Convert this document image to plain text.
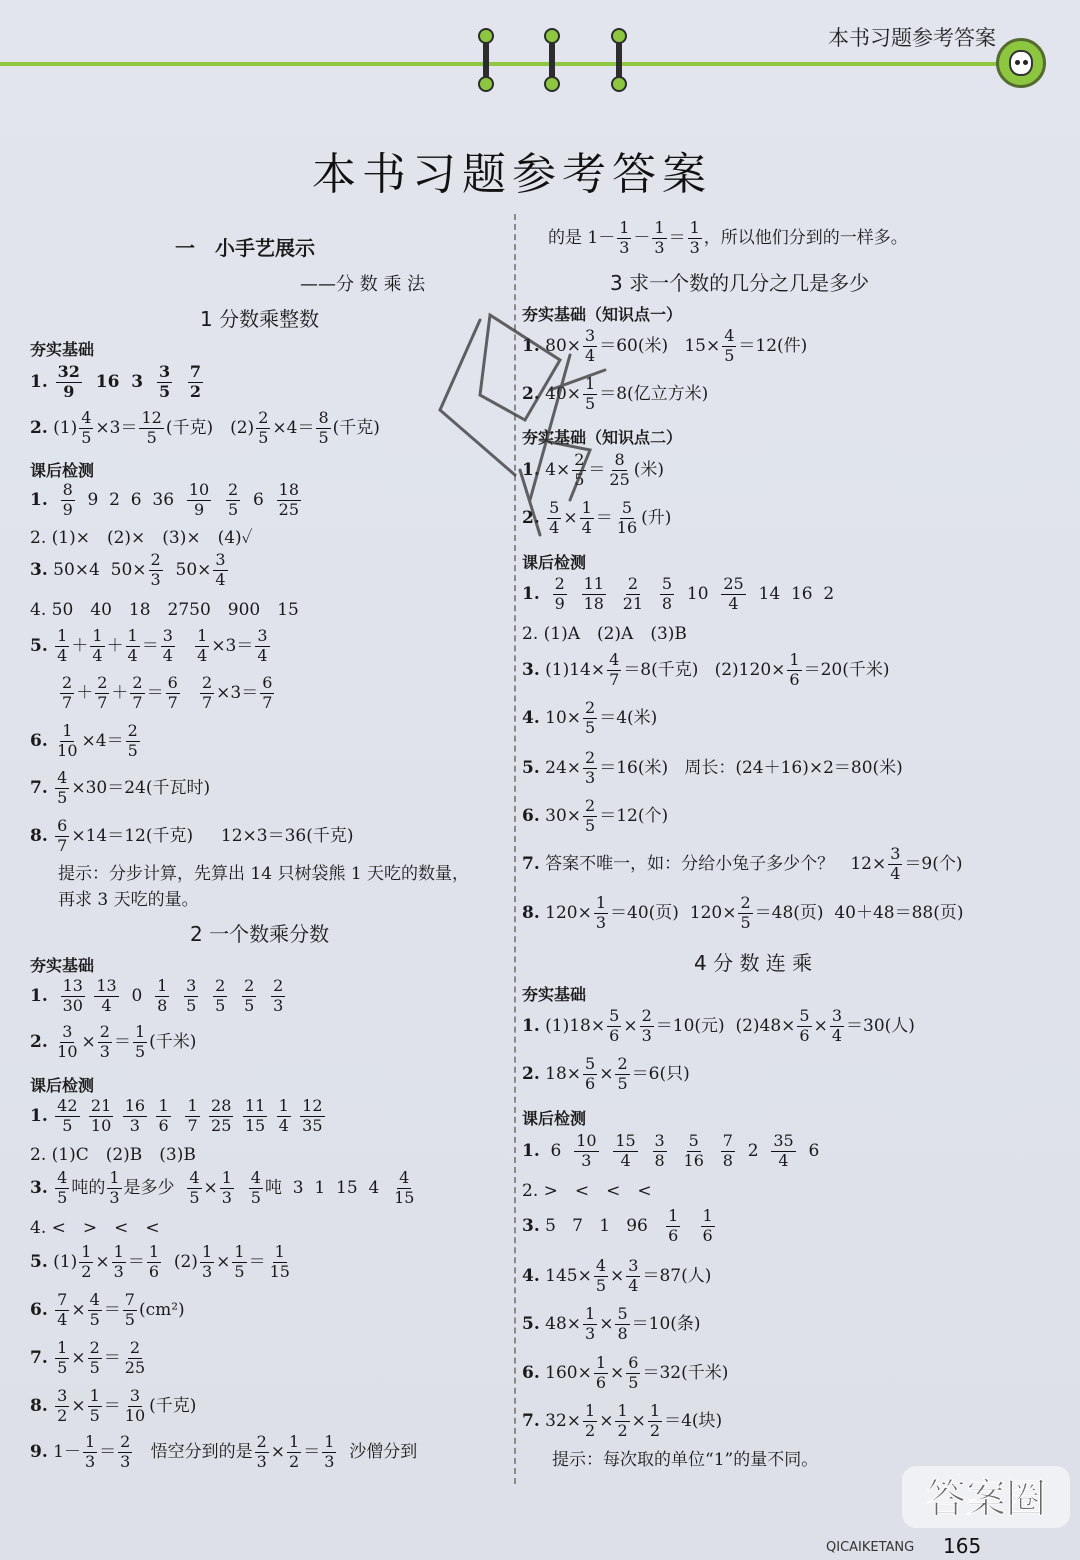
本书习题参考答案
本书习题参考答案
一　小手艺展示
——分 数 乘 法
1 分数乘整数
夯实基础
1. $\frac{32}{9} 16$  $3 \frac{3}{5}$
$\frac{7}{2}$
2. $(1) \frac{4}{5} \times 3= \frac{12}{5}$ (千克)　$(2) \frac{2}{5} \times 4= \frac{8}{5}$ (千克)
课后检测
1. $\frac{8}{9} 9$  2  6  $36 \frac{10}{9}$
$\frac{2}{5} 6 \frac{18}{25}$
2. (1)×　(2)×　(3)×　(4)✓
3. 50×4  $50\times \frac{2}{3} 50\times \frac{3}{4}$
4. 50　40　18　2750　900　15
5. $\frac{1}{4} + \frac{1}{4} + \frac{1}{4} = \frac{3}{4}$
$\frac{1}{4} \times 3= \frac{3}{4}$
$\frac{2}{7} + \frac{2}{7} + \frac{2}{7} = \frac{6}{7}$
$\frac{2}{7} \times 3= \frac{6}{7}$
6. $\frac{1}{10} \times 4= \frac{2}{5}$
7. $\frac{4}{5} \times 30=24$(千瓦时)
8. $\frac{6}{7} \times 14=12$(千克)　  12×3＝36(千克)
提示：分步计算，先算出 14 只树袋熊 1 天吃的数量，
再求 3 天吃的量。
2 一个数乘分数
夯实基础
1. $\frac{13}{30}$
$\frac{13}{4} 0 \frac{1}{8}$
$\frac{3}{5}$
$\frac{2}{5}$
$\frac{2}{5}$
$\frac{2}{3}$
2. $\frac{3}{10} \times \frac{2}{3} = \frac{1}{5}$ (千米)
课后检测
1. $\frac{42}{5}$
$\frac{21}{10}$
$\frac{16}{3}$
$\frac{1}{6}$
$\frac{1}{7}$
$\frac{28}{25}$
$\frac{11}{15}$
$\frac{1}{4}$
$\frac{12}{35}$
2. (1)C　(2)B　(3)B
3. $\frac{4}{5}$ 吨的 $\frac{1}{3}$ 是多少 $\frac{4}{5} \times \frac{1}{3}$
$\frac{4}{5}$ 吨  3  1  15  $4 \frac{4}{15}$
4. <　>　<　<
5. $(1) \frac{1}{2} \times \frac{1}{3} = \frac{1}{6} (2) \frac{1}{3} \times \frac{1}{5} = \frac{1}{15}$
6. $\frac{7}{4} \times \frac{4}{5} = \frac{7}{5} (cm^2)$
7. $\frac{1}{5} \times \frac{2}{5} = \frac{2}{25}$
8. $\frac{3}{2} \times \frac{1}{5} = \frac{3}{10}$ (千克)
9. $1- \frac{1}{3} = \frac{2}{3}$ 悟空分到的是 $\frac{2}{3} \times \frac{1}{2} = \frac{1}{3}$ 沙僧分到
的是 $1- \frac{1}{3} - \frac{1}{3} = \frac{1}{3}$ ，所以他们分到的一样多。
3 求一个数的几分之几是多少
夯实基础（知识点一）
1. $80\times \frac{3}{4} =60$(米)   $15\times \frac{4}{5} =12$(件)
2. $40\times \frac{1}{5} =8$(亿立方米)
夯实基础（知识点二）
1. $4\times \frac{2}{5} = \frac{8}{25}$ (米)
2. $\frac{5}{4} \times \frac{1}{4} = \frac{5}{16}$ (升)
课后检测
1. $\frac{2}{9}$
$\frac{11}{18}$
$\frac{2}{21}$
$\frac{5}{8} 10 \frac{25}{4} 14$  16  2
2. (1)A　(2)A　(3)B
3. $(1)14\times \frac{4}{7} =8$(千克)   $(2)120\times \frac{1}{6} =20$(千米)
4. $10\times \frac{2}{5} =4$(米)
5. $24\times \frac{2}{3} =16$(米)   周长：(24＋16)×2＝80(米)
6. $30\times \frac{2}{5} =12$(个)
7. 答案不唯一，如：分给小兔子多少个？   $12\times \frac{3}{4} =9$(个)
8. $120\times \frac{1}{3} =40$(页)  $120\times \frac{2}{5} =48$(页)  40＋48＝88(页)
4 分 数 连 乘
夯实基础
1. $(1)18\times \frac{5}{6} \times \frac{2}{3} =10$(元)  $(2)48\times \frac{5}{6} \times \frac{3}{4} =30$(人)
2. $18\times \frac{5}{6} \times \frac{2}{5} =6$(只)
课后检测
1.  $6 \frac{10}{3}$
$\frac{15}{4}$
$\frac{3}{8}$
$\frac{5}{16}$
$\frac{7}{8} 2 \frac{35}{4} 6$
2. >　<　<　<
3. 5   7   1   $96 \frac{1}{6}$
$\frac{1}{6}$
4. $145\times \frac{4}{5} \times \frac{3}{4} =87$(人)
5. $48\times \frac{1}{3} \times \frac{5}{8} =10$(条)
6. $160\times \frac{1}{6} \times \frac{6}{5} =32$(千米)
7. $32\times \frac{1}{2} \times \frac{1}{2} \times \frac{1}{2} =4$(块)
提示：每次取的单位“1”的量不同。
QICAIKETANG 165
答案圈
